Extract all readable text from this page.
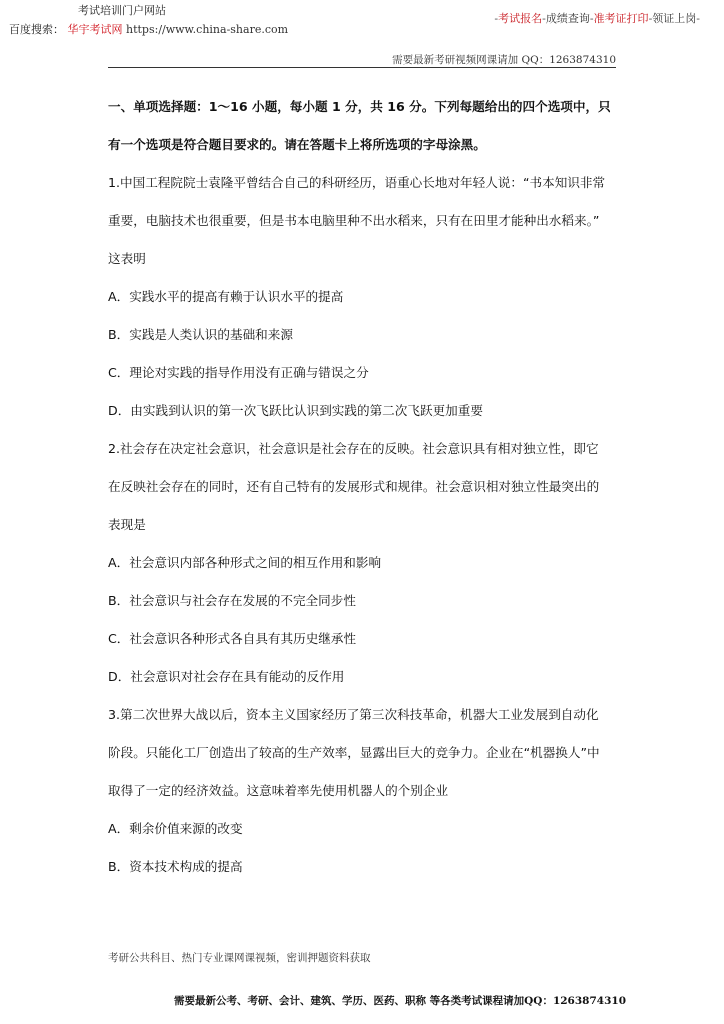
考试培训门户网站
百度搜索： 华宇考试网 https://www.china-share.com
-考试报名-成绩查询-准考证打印-领证上岗-
需要最新考研视频网课请加 QQ：1263874310
一、单项选择题：1～16 小题，每小题 1 分，共 16 分。下列每题给出的四个选项中，只
有一个选项是符合题目要求的。请在答题卡上将所选项的字母涂黑。
1.中国工程院院士袁隆平曾结合自己的科研经历，语重心长地对年轻人说：“书本知识非常
重要，电脑技术也很重要，但是书本电脑里种不出水稻来，只有在田里才能种出水稻来。”
这表明
A．实践水平的提高有赖于认识水平的提高
B．实践是人类认识的基础和来源
C．理论对实践的指导作用没有正确与错误之分
D．由实践到认识的第一次飞跃比认识到实践的第二次飞跃更加重要
2.社会存在决定社会意识，社会意识是社会存在的反映。社会意识具有相对独立性，即它
在反映社会存在的同时，还有自己特有的发展形式和规律。社会意识相对独立性最突出的
表现是
A．社会意识内部各种形式之间的相互作用和影响
B．社会意识与社会存在发展的不完全同步性
C．社会意识各种形式各自具有其历史继承性
D．社会意识对社会存在具有能动的反作用
3.第二次世界大战以后，资本主义国家经历了第三次科技革命，机器大工业发展到自动化
阶段。只能化工厂创造出了较高的生产效率，显露出巨大的竞争力。企业在“机器换人”中
取得了一定的经济效益。这意味着率先使用机器人的个别企业
A．剩余价值来源的改变
B．资本技术构成的提高
考研公共科目、热门专业课网课视频，密训押题资料获取
需要最新公考、考研、会计、建筑、学历、医药、职称 等各类考试课程请加QQ：1263874310
